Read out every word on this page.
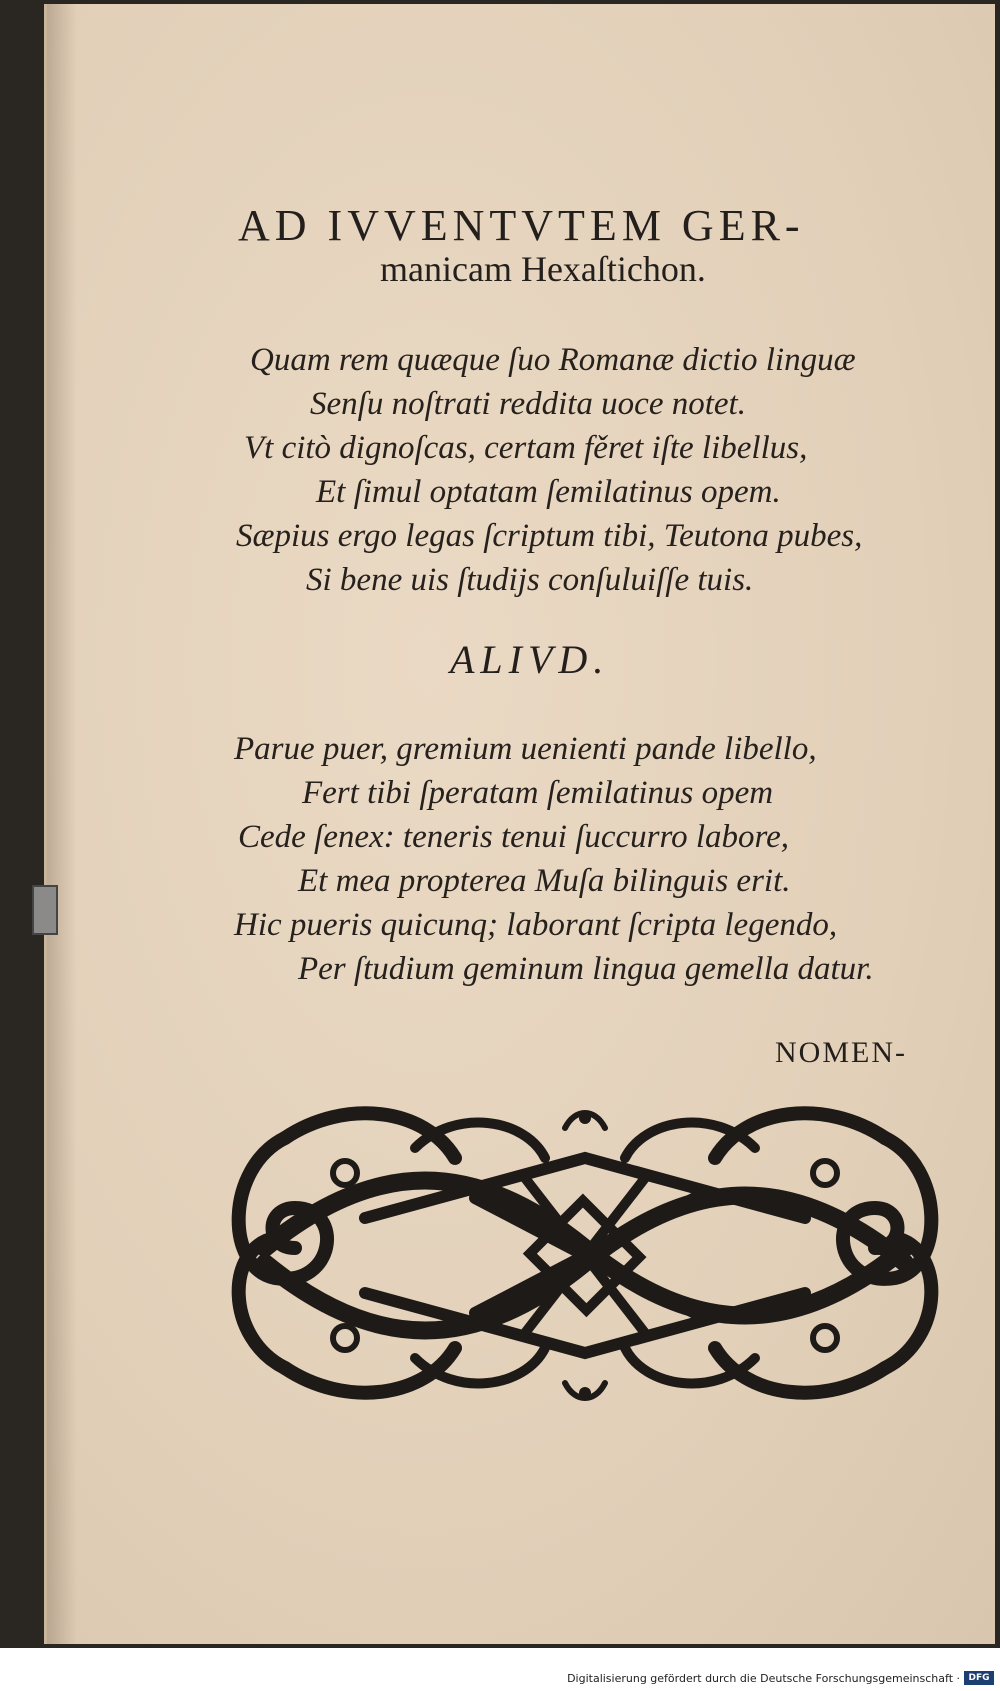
AD IVVENTVTEM GER-
manicam Hexaſtichon.
Quam rem quæque ſuo Romanæ dictio linguæ
Senſu noſtrati reddita uoce notet.
Vt citò dignoſcas, certam fěret iſte libellus,
Et ſimul optatam ſemilatinus opem.
Sæpius ergo legas ſcriptum tibi, Teutona pubes,
Si bene uis ſtudijs conſuluiſſe tuis.
ALIVD.
Parue puer, gremium uenienti pande libello,
Fert tibi ſperatam ſemilatinus opem
Cede ſenex: teneris tenui ſuccurro labore,
Et mea propterea Muſa bilinguis erit.
Hic pueris quicunq; laborant ſcripta legendo,
Per ſtudium geminum lingua gemella datur.
NOMEN-
Digitalisierung gefördert durch die Deutsche Forschungsgemeinschaft · DFG
